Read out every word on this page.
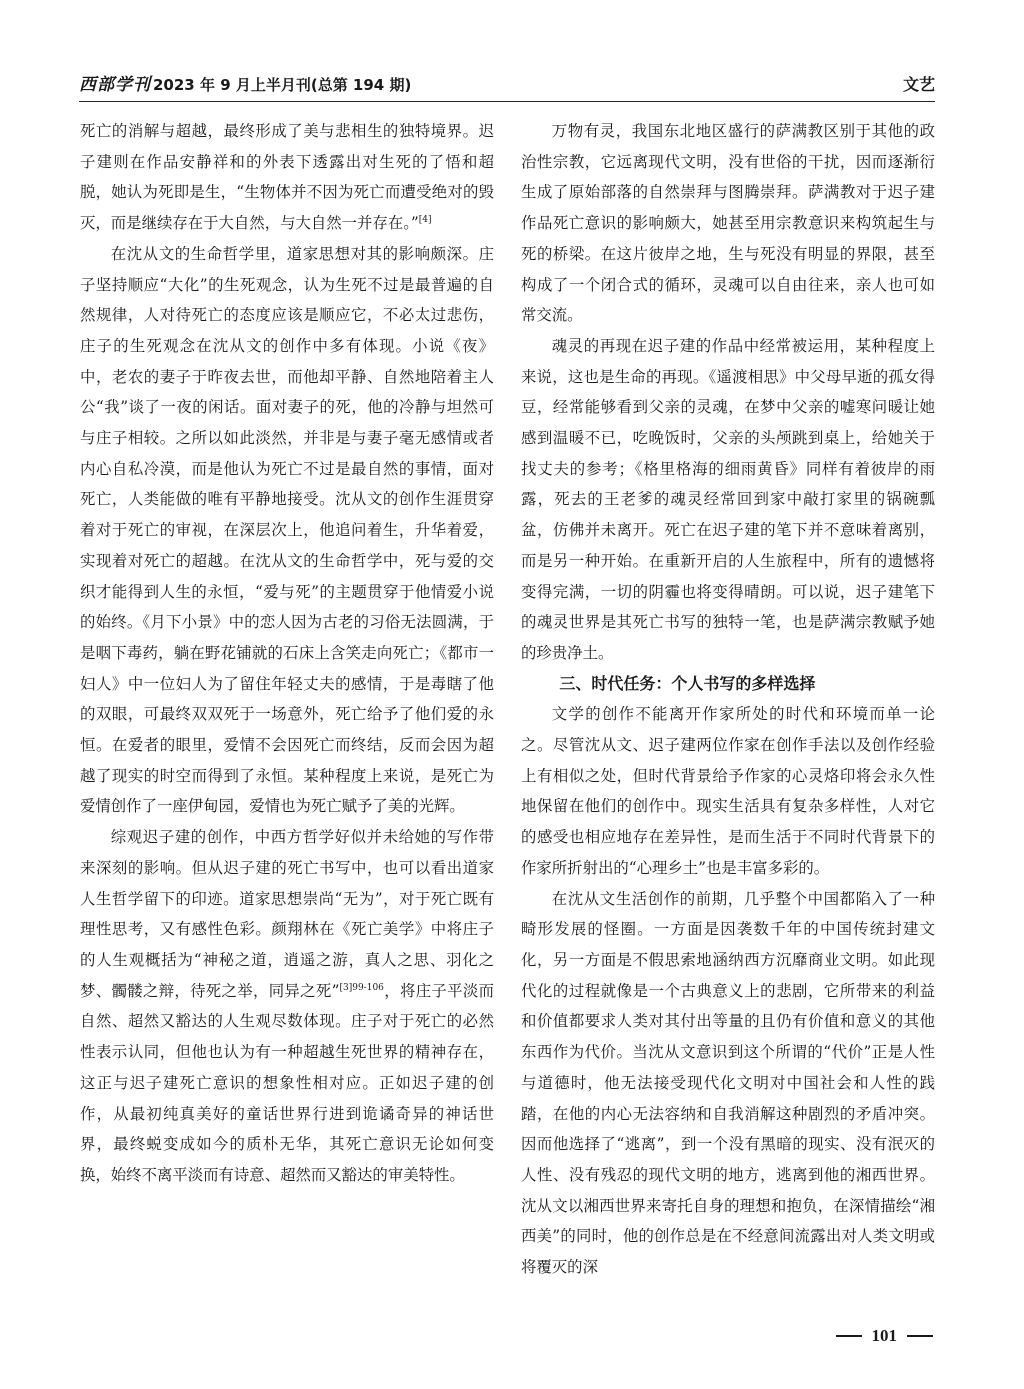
西部学刊 2023 年 9 月上半月刊(总第 194 期)	文艺

死亡的消解与超越，最终形成了美与悲相生的独特境界。迟子建则在作品安静祥和的外表下透露出对生死的了悟和超脱，她认为死即是生，“生物体并不因为死亡而遭受绝对的毁灭，而是继续存在于大自然，与大自然一并存在。”[4]

在沈从文的生命哲学里，道家思想对其的影响颇深。庄子坚持顺应“大化”的生死观念，认为生死不过是最普遍的自然规律，人对待死亡的态度应该是顺应它，不必太过悲伤，庄子的生死观念在沈从文的创作中多有体现。小说《夜》中，老农的妻子于昨夜去世，而他却平静、自然地陪着主人公“我”谈了一夜的闲话。面对妻子的死，他的冷静与坦然可与庄子相较。之所以如此淡然，并非是与妻子毫无感情或者内心自私冷漠，而是他认为死亡不过是最自然的事情，面对死亡，人类能做的唯有平静地接受。沈从文的创作生涯贯穿着对于死亡的审视，在深层次上，他追问着生，升华着爱，实现着对死亡的超越。在沈从文的生命哲学中，死与爱的交织才能得到人生的永恒，“爱与死”的主题贯穿于他情爱小说的始终。《月下小景》中的恋人因为古老的习俗无法圆满，于是咽下毒药，躺在野花铺就的石床上含笑走向死亡；《都市一妇人》中一位妇人为了留住年轻丈夫的感情，于是毒瞎了他的双眼，可最终双双死于一场意外，死亡给予了他们爱的永恒。在爱者的眼里，爱情不会因死亡而终结，反而会因为超越了现实的时空而得到了永恒。某种程度上来说，是死亡为爱情创作了一座伊甸园，爱情也为死亡赋予了美的光辉。

综观迟子建的创作，中西方哲学好似并未给她的写作带来深刻的影响。但从迟子建的死亡书写中，也可以看出道家人生哲学留下的印迹。道家思想崇尚“无为”，对于死亡既有理性思考，又有感性色彩。颜翔林在《死亡美学》中将庄子的人生观概括为“神秘之道，逍遥之游，真人之思、羽化之梦、髑髅之辩，待死之举，同异之死”$^{[3]99-106}$，将庄子平淡而自然、超然又豁达的人生观尽数体现。庄子对于死亡的必然性表示认同，但他也认为有一种超越生死世界的精神存在，这正与迟子建死亡意识的想象性相对应。正如迟子建的创作，从最初纯真美好的童话世界行进到诡谲奇异的神话世界，最终蜕变成如今的质朴无华，其死亡意识无论如何变换，始终不离平淡而有诗意、超然而又豁达的审美特性。

万物有灵，我国东北地区盛行的萨满教区别于其他的政治性宗教，它远离现代文明，没有世俗的干扰，因而逐渐衍生成了原始部落的自然崇拜与图腾崇拜。萨满教对于迟子建作品死亡意识的影响颇大，她甚至用宗教意识来构筑起生与死的桥梁。在这片彼岸之地，生与死没有明显的界限，甚至构成了一个闭合式的循环，灵魂可以自由往来，亲人也可如常交流。

魂灵的再现在迟子建的作品中经常被运用，某种程度上来说，这也是生命的再现。《遥渡相思》中父母早逝的孤女得豆，经常能够看到父亲的灵魂，在梦中父亲的嘘寒问暖让她感到温暖不已，吃晚饭时，父亲的头颅跳到桌上，给她关于找丈夫的参考；《格里格海的细雨黄昏》同样有着彼岸的雨露，死去的王老爹的魂灵经常回到家中敲打家里的锅碗瓢盆，仿佛并未离开。死亡在迟子建的笔下并不意味着离别，而是另一种开始。在重新开启的人生旅程中，所有的遗憾将变得完满，一切的阴霾也将变得晴朗。可以说，迟子建笔下的魂灵世界是其死亡书写的独特一笔，也是萨满宗教赋予她的珍贵净土。

三、时代任务：个人书写的多样选择

文学的创作不能离开作家所处的时代和环境而单一论之。尽管沈从文、迟子建两位作家在创作手法以及创作经验上有相似之处，但时代背景给予作家的心灵烙印将会永久性地保留在他们的创作中。现实生活具有复杂多样性，人对它的感受也相应地存在差异性，是而生活于不同时代背景下的作家所折射出的“心理乡土”也是丰富多彩的。

在沈从文生活创作的前期，几乎整个中国都陷入了一种畸形发展的怪圈。一方面是因袭数千年的中国传统封建文化，另一方面是不假思索地涵纳西方沉靡商业文明。如此现代化的过程就像是一个古典意义上的悲剧，它所带来的利益和价值都要求人类对其付出等量的且仍有价值和意义的其他东西作为代价。当沈从文意识到这个所谓的“代价”正是人性与道德时，他无法接受现代化文明对中国社会和人性的践踏，在他的内心无法容纳和自我消解这种剧烈的矛盾冲突。因而他选择了“逃离”，到一个没有黑暗的现实、没有泯灭的人性、没有残忍的现代文明的地方，逃离到他的湘西世界。沈从文以湘西世界来寄托自身的理想和抱负，在深情描绘“湘西美”的同时，他的创作总是在不经意间流露出对人类文明或将覆灭的深

101
